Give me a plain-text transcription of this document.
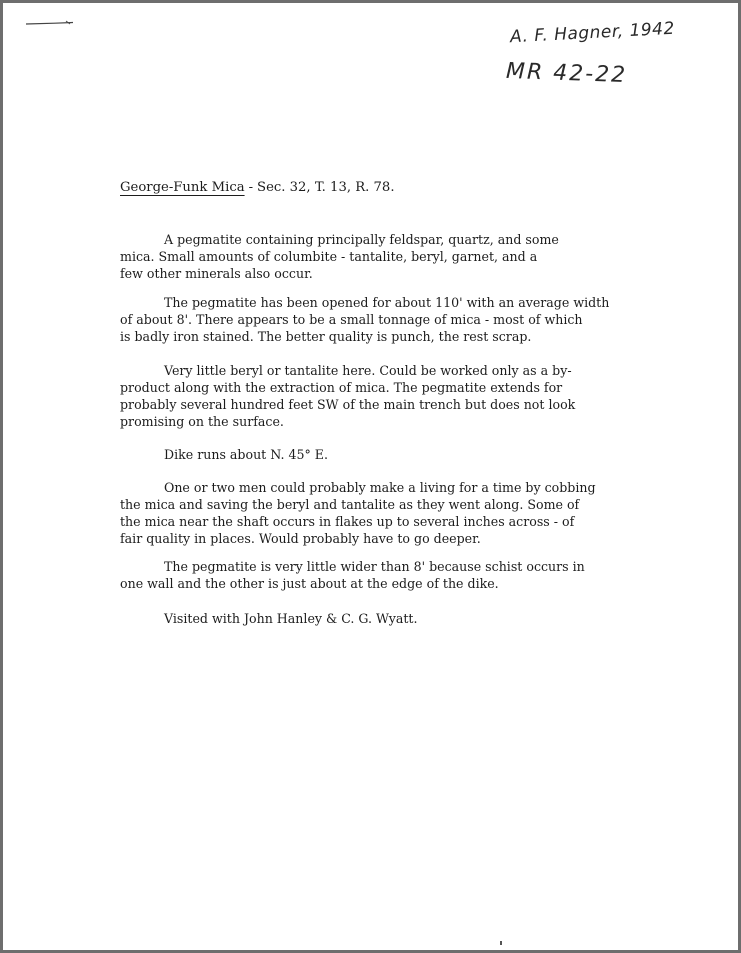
A. F. Hagner, 1942
MR 42-22
George-Funk Mica - Sec. 32, T. 13, R. 78.

A pegmatite containing principally feldspar, quartz, and some
mica. Small amounts of columbite - tantalite, beryl, garnet, and a
few other minerals also occur.

The pegmatite has been opened for about 110' with an average width
of about 8'. There appears to be a small tonnage of mica - most of which
is badly iron stained. The better quality is punch, the rest scrap.

Very little beryl or tantalite here. Could be worked only as a by-
product along with the extraction of mica. The pegmatite extends for
probably several hundred feet SW of the main trench but does not look
promising on the surface.

Dike runs about N. 45° E.

One or two men could probably make a living for a time by cobbing
the mica and saving the beryl and tantalite as they went along. Some of
the mica near the shaft occurs in flakes up to several inches across - of
fair quality in places. Would probably have to go deeper.

The pegmatite is very little wider than 8' because schist occurs in
one wall and the other is just about at the edge of the dike.

Visited with John Hanley & C. G. Wyatt.
